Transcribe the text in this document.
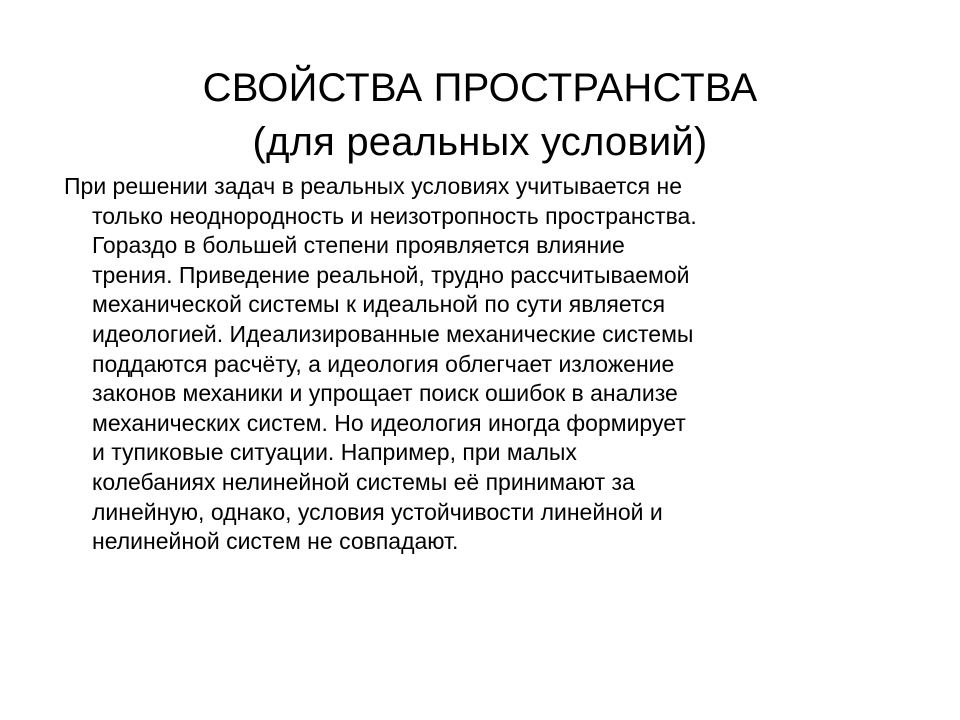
СВОЙСТВА ПРОСТРАНСТВА
(для реальных условий)
При решении задач в реальных условиях учитывается не
только неоднородность и неизотропность пространства.
Гораздо в большей степени проявляется влияние
трения. Приведение реальной, трудно рассчитываемой
механической системы к идеальной по сути является
идеологией. Идеализированные механические системы
поддаются расчёту, а идеология облегчает изложение
законов механики и упрощает поиск ошибок в анализе
механических систем. Но идеология иногда формирует
и тупиковые ситуации. Например, при малых
колебаниях нелинейной системы её принимают за
линейную, однако, условия устойчивости линейной и
нелинейной систем не совпадают.
